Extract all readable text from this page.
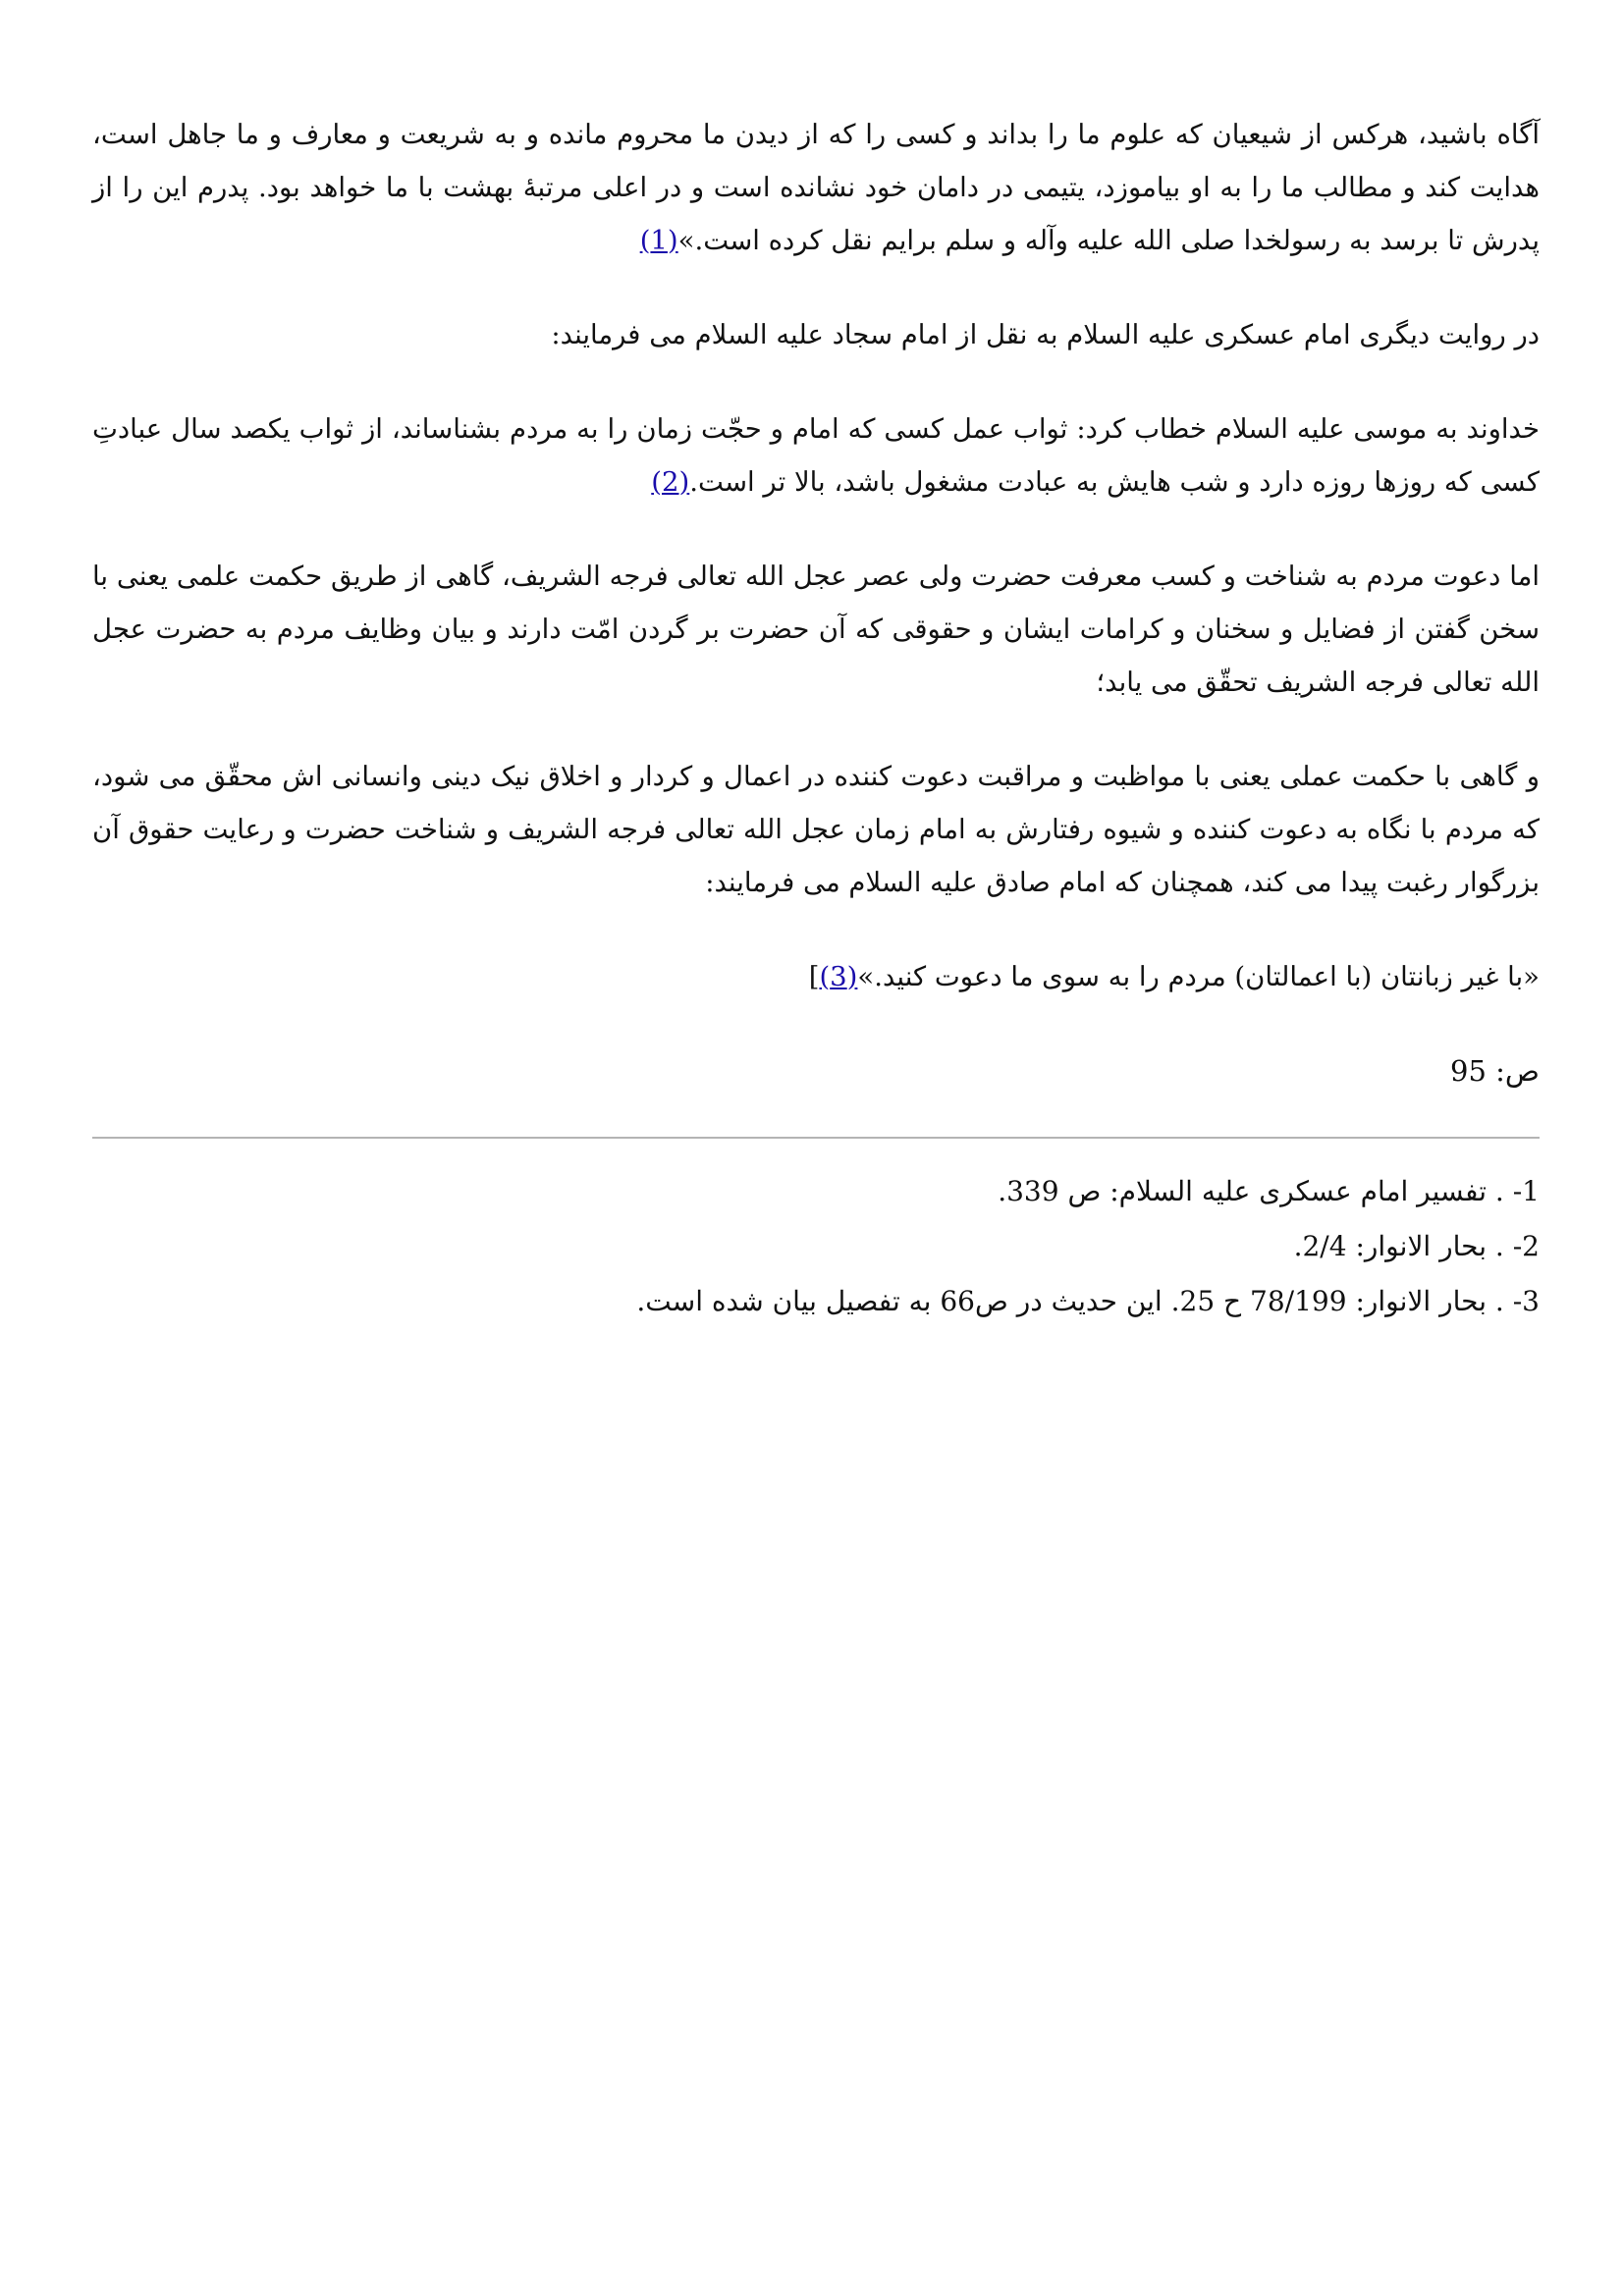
آگاه باشید، هرکس از شیعیان که علوم ما را بداند و کسی را که از دیدن ما محروم مانده و به شریعت و معارف و ما جاهل است، هدایت کند و مطالب ما را به او بیاموزد، یتیمی در دامان خود نشانده است و در اعلی مرتبهٔ بهشت با ما خواهد بود. پدرم این را از پدرش تا برسد به رسولخدا صلی الله علیه وآله و سلم برایم نقل کرده است.»(1)

در روایت دیگری امام عسکری علیه السلام به نقل از امام سجاد علیه السلام می فرمایند:

خداوند به موسی علیه السلام خطاب کرد: ثواب عمل کسی که امام و حجّت زمان را به مردم بشناساند، از ثواب یکصد سال عبادتِ کسی که روزها روزه دارد و شب هایش به عبادت مشغول باشد، بالا تر است.(2)

اما دعوت مردم به شناخت و کسب معرفت حضرت ولی عصر عجل الله تعالی فرجه الشریف، گاهی از طریق حکمت علمی یعنی با سخن گفتن از فضایل و سخنان و کرامات ایشان و حقوقی که آن حضرت بر گردن امّت دارند و بیان وظایف مردم به حضرت عجل الله تعالی فرجه الشریف تحقّق می یابد؛

و گاهی با حکمت عملی یعنی با مواظبت و مراقبت دعوت کننده در اعمال و کردار و اخلاق نیک دینی وانسانی اش محقّق می شود، که مردم با نگاه به دعوت کننده و شیوه رفتارش به امام زمان عجل الله تعالی فرجه الشریف و شناخت حضرت و رعایت حقوق آن بزرگوار رغبت پیدا می کند، همچنان که امام صادق علیه السلام می فرمایند:

«با غیر زبانتان (با اعمالتان) مردم را به سوی ما دعوت کنید.»(3)]

ص: 95
1- . تفسیر امام عسکری علیه السلام: ص 339.
2- . بحار الانوار: 2/4.
3- . بحار الانوار: 78/199 ح 25. این حدیث در ص66 به تفصیل بیان شده است.
